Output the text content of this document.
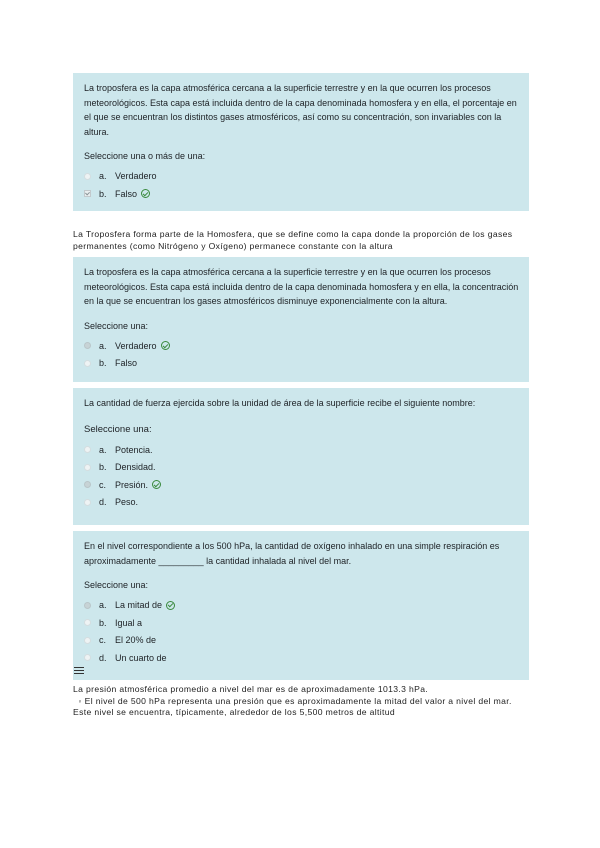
La troposfera es la capa atmosférica cercana a la superficie terrestre y en la que ocurren los procesos meteorológicos. Esta capa está incluida dentro de la capa denominada homosfera y en ella, el porcentaje en el que se encuentran los distintos gases atmosféricos, así como su concentración, son invariables con la altura.
Seleccione una o más de una:
a. Verdadero
b. Falso
La Troposfera forma parte de la Homosfera, que se define como la capa donde la proporción de los gases permanentes (como Nitrógeno y Oxígeno) permanece constante con la altura
La troposfera es la capa atmosférica cercana a la superficie terrestre y en la que ocurren los procesos meteorológicos. Esta capa está incluida dentro de la capa denominada homosfera y en ella, la concentración en la que se encuentran los gases atmosféricos disminuye exponencialmente con la altura.
Seleccione una:
a. Verdadero
b. Falso
La cantidad de fuerza ejercida sobre la unidad de área de la superficie recibe el siguiente nombre:
Seleccione una:
a. Potencia.
b. Densidad.
c. Presión.
d. Peso.
En el nivel correspondiente a los 500 hPa, la cantidad de oxígeno inhalado en una simple respiración es aproximadamente _________ la cantidad inhalada al nivel del mar.
Seleccione una:
a. La mitad de
b. Igual a
c. El 20% de
d. Un cuarto de
La presión atmosférica promedio a nivel del mar es de aproximadamente 1013.3 hPa.
◦ El nivel de 500 hPa representa una presión que es aproximadamente la mitad del valor a nivel del mar. Este nivel se encuentra, típicamente, alrededor de los 5,500 metros de altitud
